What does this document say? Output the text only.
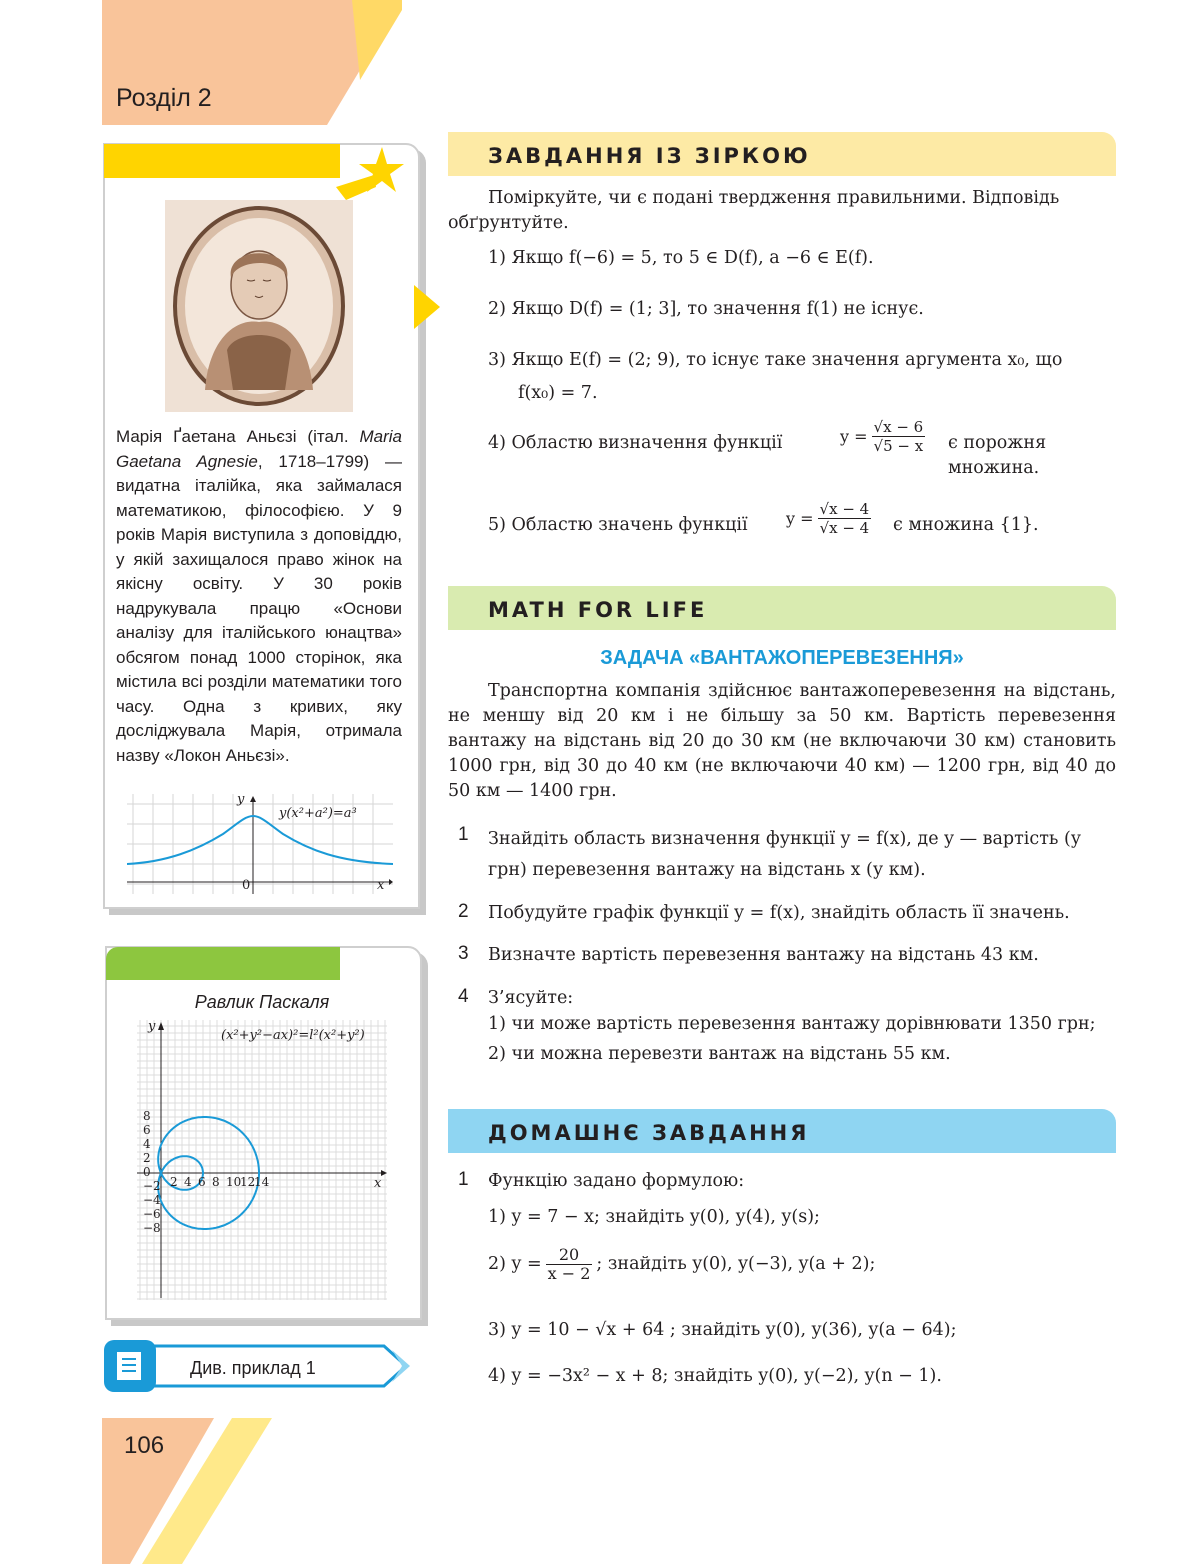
Розділ 2
Марія Ґаетана Аньєзі (італ. Maria Gaetana Agnesie, 1718–1799) — видатна італійка, яка займалася математикою, філософією. У 9 років Марія виступила з доповіддю, у якій захищалося право жінок на якісну освіту. У 30 років надрукувала працю «Основи аналізу для італійського юнацтва» обсягом понад 1000 сторінок, яка містила всі розділи математики того часу. Одна з кривих, яку досліджувала Марія, отримала назву «Локон Аньєзі».
y
x
0
y(x²+a²)=a³
Равлик Паскаля
(x²+y²−ax)²=l²(x²+y²)
y
x
2 4 6 8 10
12
14
8
6
4
2
0
−2
−4
−6
−8
Див. приклад 1
106
ЗАВДАННЯ ІЗ ЗІРКОЮ
Поміркуйте, чи є подані твердження правильними. Відповідь обґрунтуйте.
1) Якщо f(−6) = 5, то 5 ∈ D(f), а −6 ∈ E(f).
2) Якщо D(f) = (1; 3], то значення f(1) не існує.
3) Якщо E(f) = (2; 9), то існує таке значення аргумента x₀, що
f(x₀) = 7.
4) Областю визначення функції	$y = \frac{√x - 6}{√5 - x}$ є порожня множина.
5) Областю значень функції $y = \frac{√x - 4}{√x - 4}$ є множина {1}.
MATH FOR LIFE
ЗАДАЧА «ВАНТАЖОПЕРЕВЕЗЕННЯ»
Транспортна компанія здійснює вантажоперевезення на відстань, не меншу від 20 км і не більшу за 50 км. Вартість перевезення вантажу на відстань від 20 до 30 км (не включаючи 30 км) становить 1000 грн, від 30 до 40 км (не включаючи 40 км) — 1200 грн, від 40 до 50 км — 1400 грн.
1 Знайдіть область визначення функції y = f(x), де y — вартість (у грн) перевезення вантажу на відстань x (у км).
2 Побудуйте графік функції y = f(x), знайдіть область її значень.
3 Визначте вартість перевезення вантажу на відстань 43 км.
4 З’ясуйте:
1) чи може вартість перевезення вантажу дорівнювати 1350 грн;
2) чи можна перевезти вантаж на відстань 55 км.
ДОМАШНЄ ЗАВДАННЯ
1 Функцію задано формулою:
1) y = 7 − x; знайдіть y(0), y(4), y(s);
2) $y = \frac{20}{x - 2}$ ; знайдіть y(0), y(−3), y(a + 2);
3) y = 10 − √x + 64 ; знайдіть y(0), y(36), y(a − 64);
4) y = −3x² − x + 8; знайдіть y(0), y(−2), y(n − 1).
